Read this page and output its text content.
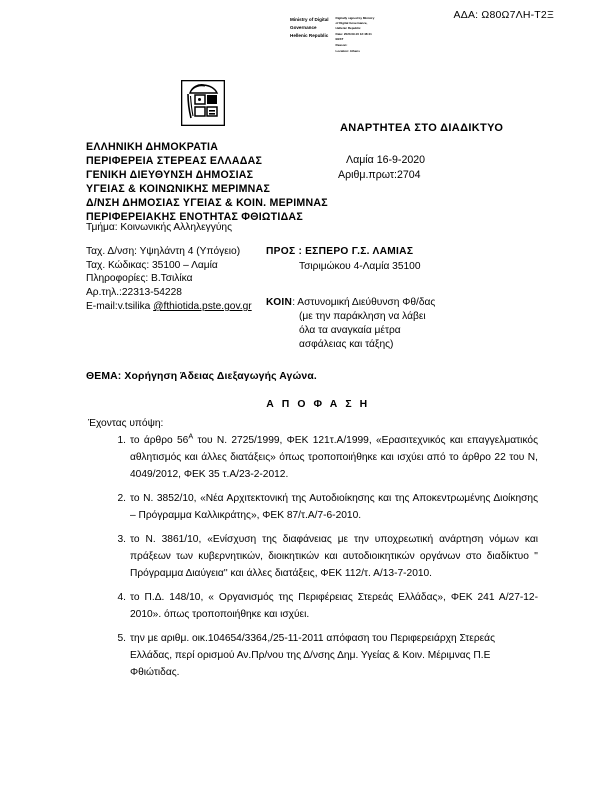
ΑΔΑ: Ω80Ω7ΛΗ-Τ2Ξ
Ministry of Digital
Governance
Hellenic Republic
Digitally signed by Ministry
of Digital Governance,
Hellenic Republic
Date: 2020.09.16 12:48:41
EEST
Reason:
Location: Athens
ΑΝΑΡΤΗΤΕΑ ΣΤΟ ΔΙΑΔΙΚΤΥΟ
ΕΛΛΗΝΙΚΗ ΔΗΜΟΚΡΑΤΙΑ
ΠΕΡΙΦΕΡΕΙΑ ΣΤΕΡΕΑΣ ΕΛΛΑΔΑΣ
ΓΕΝΙΚΗ ΔΙΕΥΘΥΝΣΗ ΔΗΜΟΣΙΑΣ
ΥΓΕΙΑΣ & ΚΟΙΝΩΝΙΚΗΣ ΜΕΡΙΜΝΑΣ
Δ/ΝΣΗ ΔΗΜΟΣΙΑΣ ΥΓΕΙΑΣ & ΚΟΙΝ. ΜΕΡΙΜΝΑΣ
ΠΕΡΙΦΕΡΕΙΑΚΗΣ ΕΝΟΤΗΤΑΣ ΦΘΙΩΤΙΔΑΣ
Λαμία 16-9-2020
Αριθμ.πρωτ:2704
Τμήμα: Κοινωνικής Αλληλεγγύης
Ταχ. Δ/νση: Υψηλάντη 4 (Υπόγειο)
Ταχ. Κώδικας: 35100 – Λαμία
Πληροφορίες: Β.Τσιλίκα
Αρ.τηλ.:22313-54228
E-mail:v.tsilika @fthiotida.pste.gov.gr
ΠΡΟΣ : ΕΣΠΕΡΟ Γ.Σ. ΛΑΜΙΑΣ
Τσιριμώκου 4-Λαμία 35100
ΚΟΙΝ: Αστυνομική Διεύθυνση Φθ/δας
(με την παράκληση να λάβει
όλα τα αναγκαία μέτρα
ασφάλειας και τάξης)
ΘΕΜΑ: Χορήγηση Άδειας Διεξαγωγής Αγώνα.
Α Π Ο Φ Α Σ Η
Έχοντας υπόψη:
1. το άρθρο $56^A$ του Ν. 2725/1999, ΦΕΚ 121τ.Α/1999, «Ερασιτεχνικός και επαγγελματικός αθλητισμός και άλλες διατάξεις» όπως τροποποιήθηκε και ισχύει από το άρθρο 22 του Ν, 4049/2012, ΦΕΚ 35 τ.Α/23-2-2012.
2. το Ν. 3852/10, «Νέα Αρχιτεκτονική της Αυτοδιοίκησης και της Αποκεντρωμένης Διοίκησης – Πρόγραμμα Καλλικράτης», ΦΕΚ 87/τ.Α/7-6-2010.
3. το Ν. 3861/10, «Ενίσχυση της διαφάνειας με την υποχρεωτική ανάρτηση νόμων και πράξεων των κυβερνητικών, διοικητικών και αυτοδιοικητικών οργάνων στο διαδίκτυο '' Πρόγραμμα Διαύγεια'' και άλλες διατάξεις, ΦΕΚ 112/τ. Α/13-7-2010.
4. το Π.Δ. 148/10, « Οργανισμός της Περιφέρειας Στερεάς Ελλάδας», ΦΕΚ 241 Α/27-12-2010». όπως τροποποιήθηκε και ισχύει.
5. την με αριθμ. οικ.104654/3364,/25-11-2011 απόφαση του Περιφερειάρχη Στερεάς Ελλάδας, περί ορισμού Αν.Πρ/νου της Δ/νσης Δημ. Υγείας & Κοιν. Μέριμνας Π.Ε Φθιώτιδας.
